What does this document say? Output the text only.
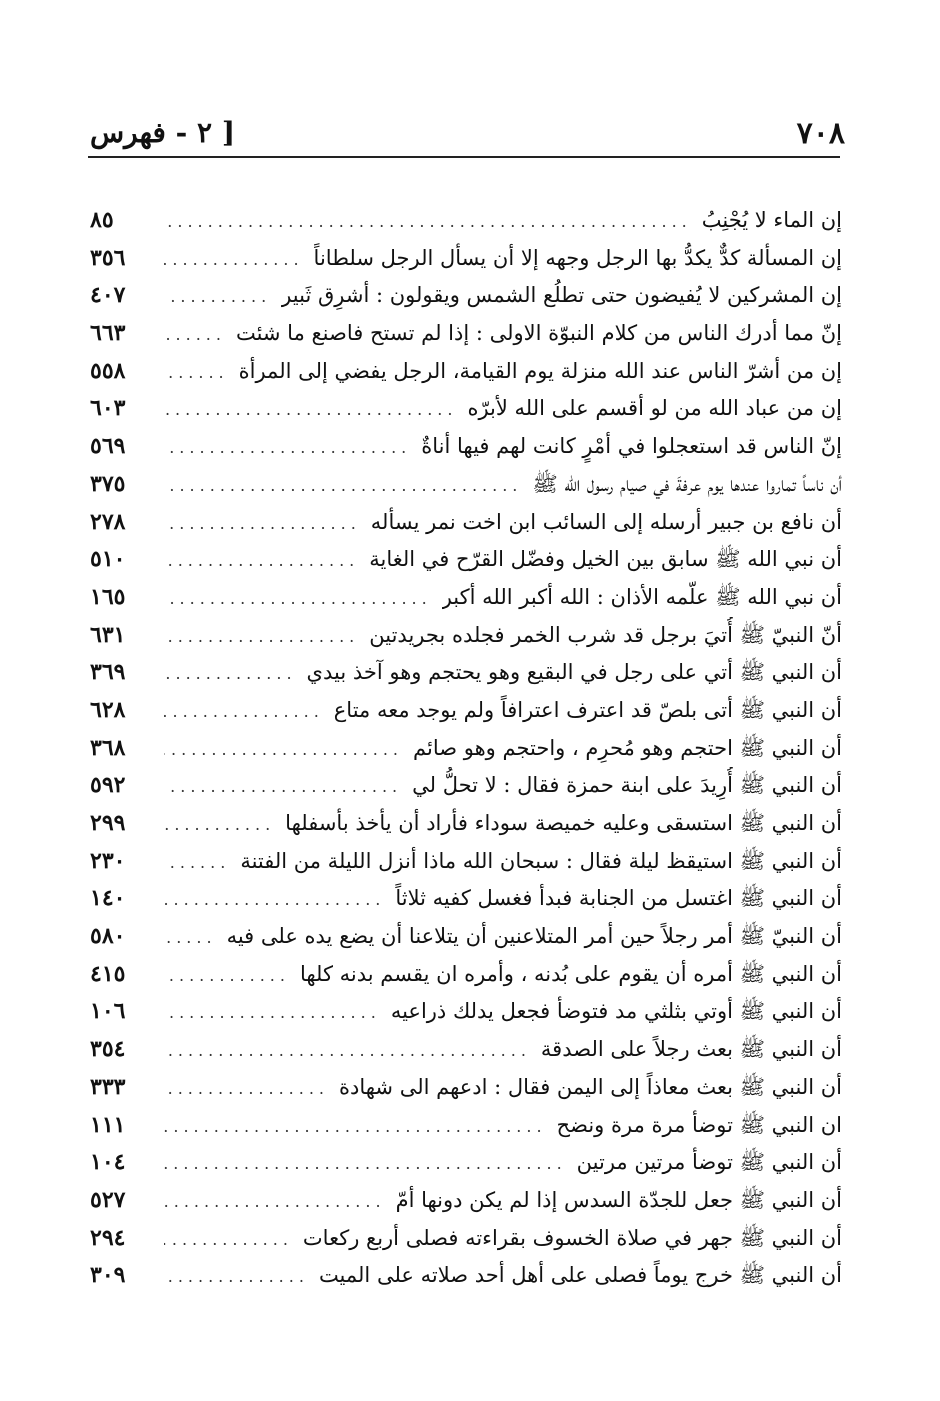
٧٠٨
[ ٢ - فهرس
إن الماء لا يُجْنِبُ
.....
٨٥
إن المسألة كدٌّ يكدُّ بها الرجل وجهه إلا أن يسأل الرجل سلطاناً
.....
٣٥٦
إن المشركين لا يُفيضون حتى تطلُع الشمس ويقولون : أشرِق ثَبير
.....
٤٠٧
إنّ مما أدرك الناس من كلام النبوّة الاولى : إذا لم تستح فاصنع ما شئت
.....
٦٦٣
إن من أشرّ الناس عند الله منزلة يوم القيامة، الرجل يفضي إلى المرأة
.....
٥٥٨
إن من عباد الله من لو أقسم على الله لأبرّه
.....
٦٠٣
إنّ الناس قد استعجلوا في أمْرٍ كانت لهم فيها أناةٌ
.....
٥٦٩
أن ناساً تماروا عندها يوم عرفةَ في صيام رسول الله ﷺ
.....
٣٧٥
أن نافع بن جبير أرسله إلى السائب ابن اخت نمر يسأله
.....
٢٧٨
أن نبي الله ﷺ سابق بين الخيل وفضّل القرّح في الغاية
.....
٥١٠
أن نبي الله ﷺ علّمه الأذان : الله أكبر الله أكبر
.....
١٦٥
أنّ النبيّ ﷺ أُتيَ برجل قد شرب الخمر فجلده بجريدتين
.....
٦٣١
أن النبي ﷺ أتي على رجل في البقيع وهو يحتجم وهو آخذ بيدي
.....
٣٦٩
أن النبي ﷺ أتى بلصّ قد اعترف اعترافاً ولم يوجد معه متاع
.....
٦٢٨
أن النبي ﷺ احتجم وهو مُحرِم ، واحتجم وهو صائم
.....
٣٦٨
أن النبي ﷺ أُرِيدَ على ابنة حمزة فقال : لا تحلُّ لي
.....
٥٩٢
أن النبي ﷺ استسقى وعليه خميصة سوداء فأراد أن يأخذ بأسفلها
.....
٢٩٩
أن النبي ﷺ استيقظ ليلة فقال : سبحان الله ماذا أنزل الليلة من الفتنة
.....
٢٣٠
أن النبي ﷺ اغتسل من الجنابة فبدأ فغسل كفيه ثلاثاً
.....
١٤٠
أن النبيّ ﷺ أمر رجلاً حين أمر المتلاعنين أن يتلاعنا أن يضع يده على فيه
.....
٥٨٠
أن النبي ﷺ أمره أن يقوم على بُدنه ، وأمره ان يقسم بدنه كلها
.....
٤١٥
أن النبي ﷺ أوتي بثلثي مد فتوضأ فجعل يدلك ذراعيه
.....
١٠٦
أن النبي ﷺ بعث رجلاً على الصدقة
.....
٣٥٤
أن النبي ﷺ بعث معاذاً إلى اليمن فقال : ادعهم الى شهادة
.....
٣٣٣
ان النبي ﷺ توضأ مرة مرة ونضح
.....
١١١
أن النبي ﷺ توضأ مرتين مرتين
.....
١٠٤
أن النبي ﷺ جعل للجدّة السدس إذا لم يكن دونها أمّ
.....
٥٢٧
أن النبي ﷺ جهر في صلاة الخسوف بقراءته فصلى أربع ركعات
.....
٢٩٤
أن النبي ﷺ خرج يوماً فصلى على أهل أحد صلاته على الميت
.....
٣٠٩
